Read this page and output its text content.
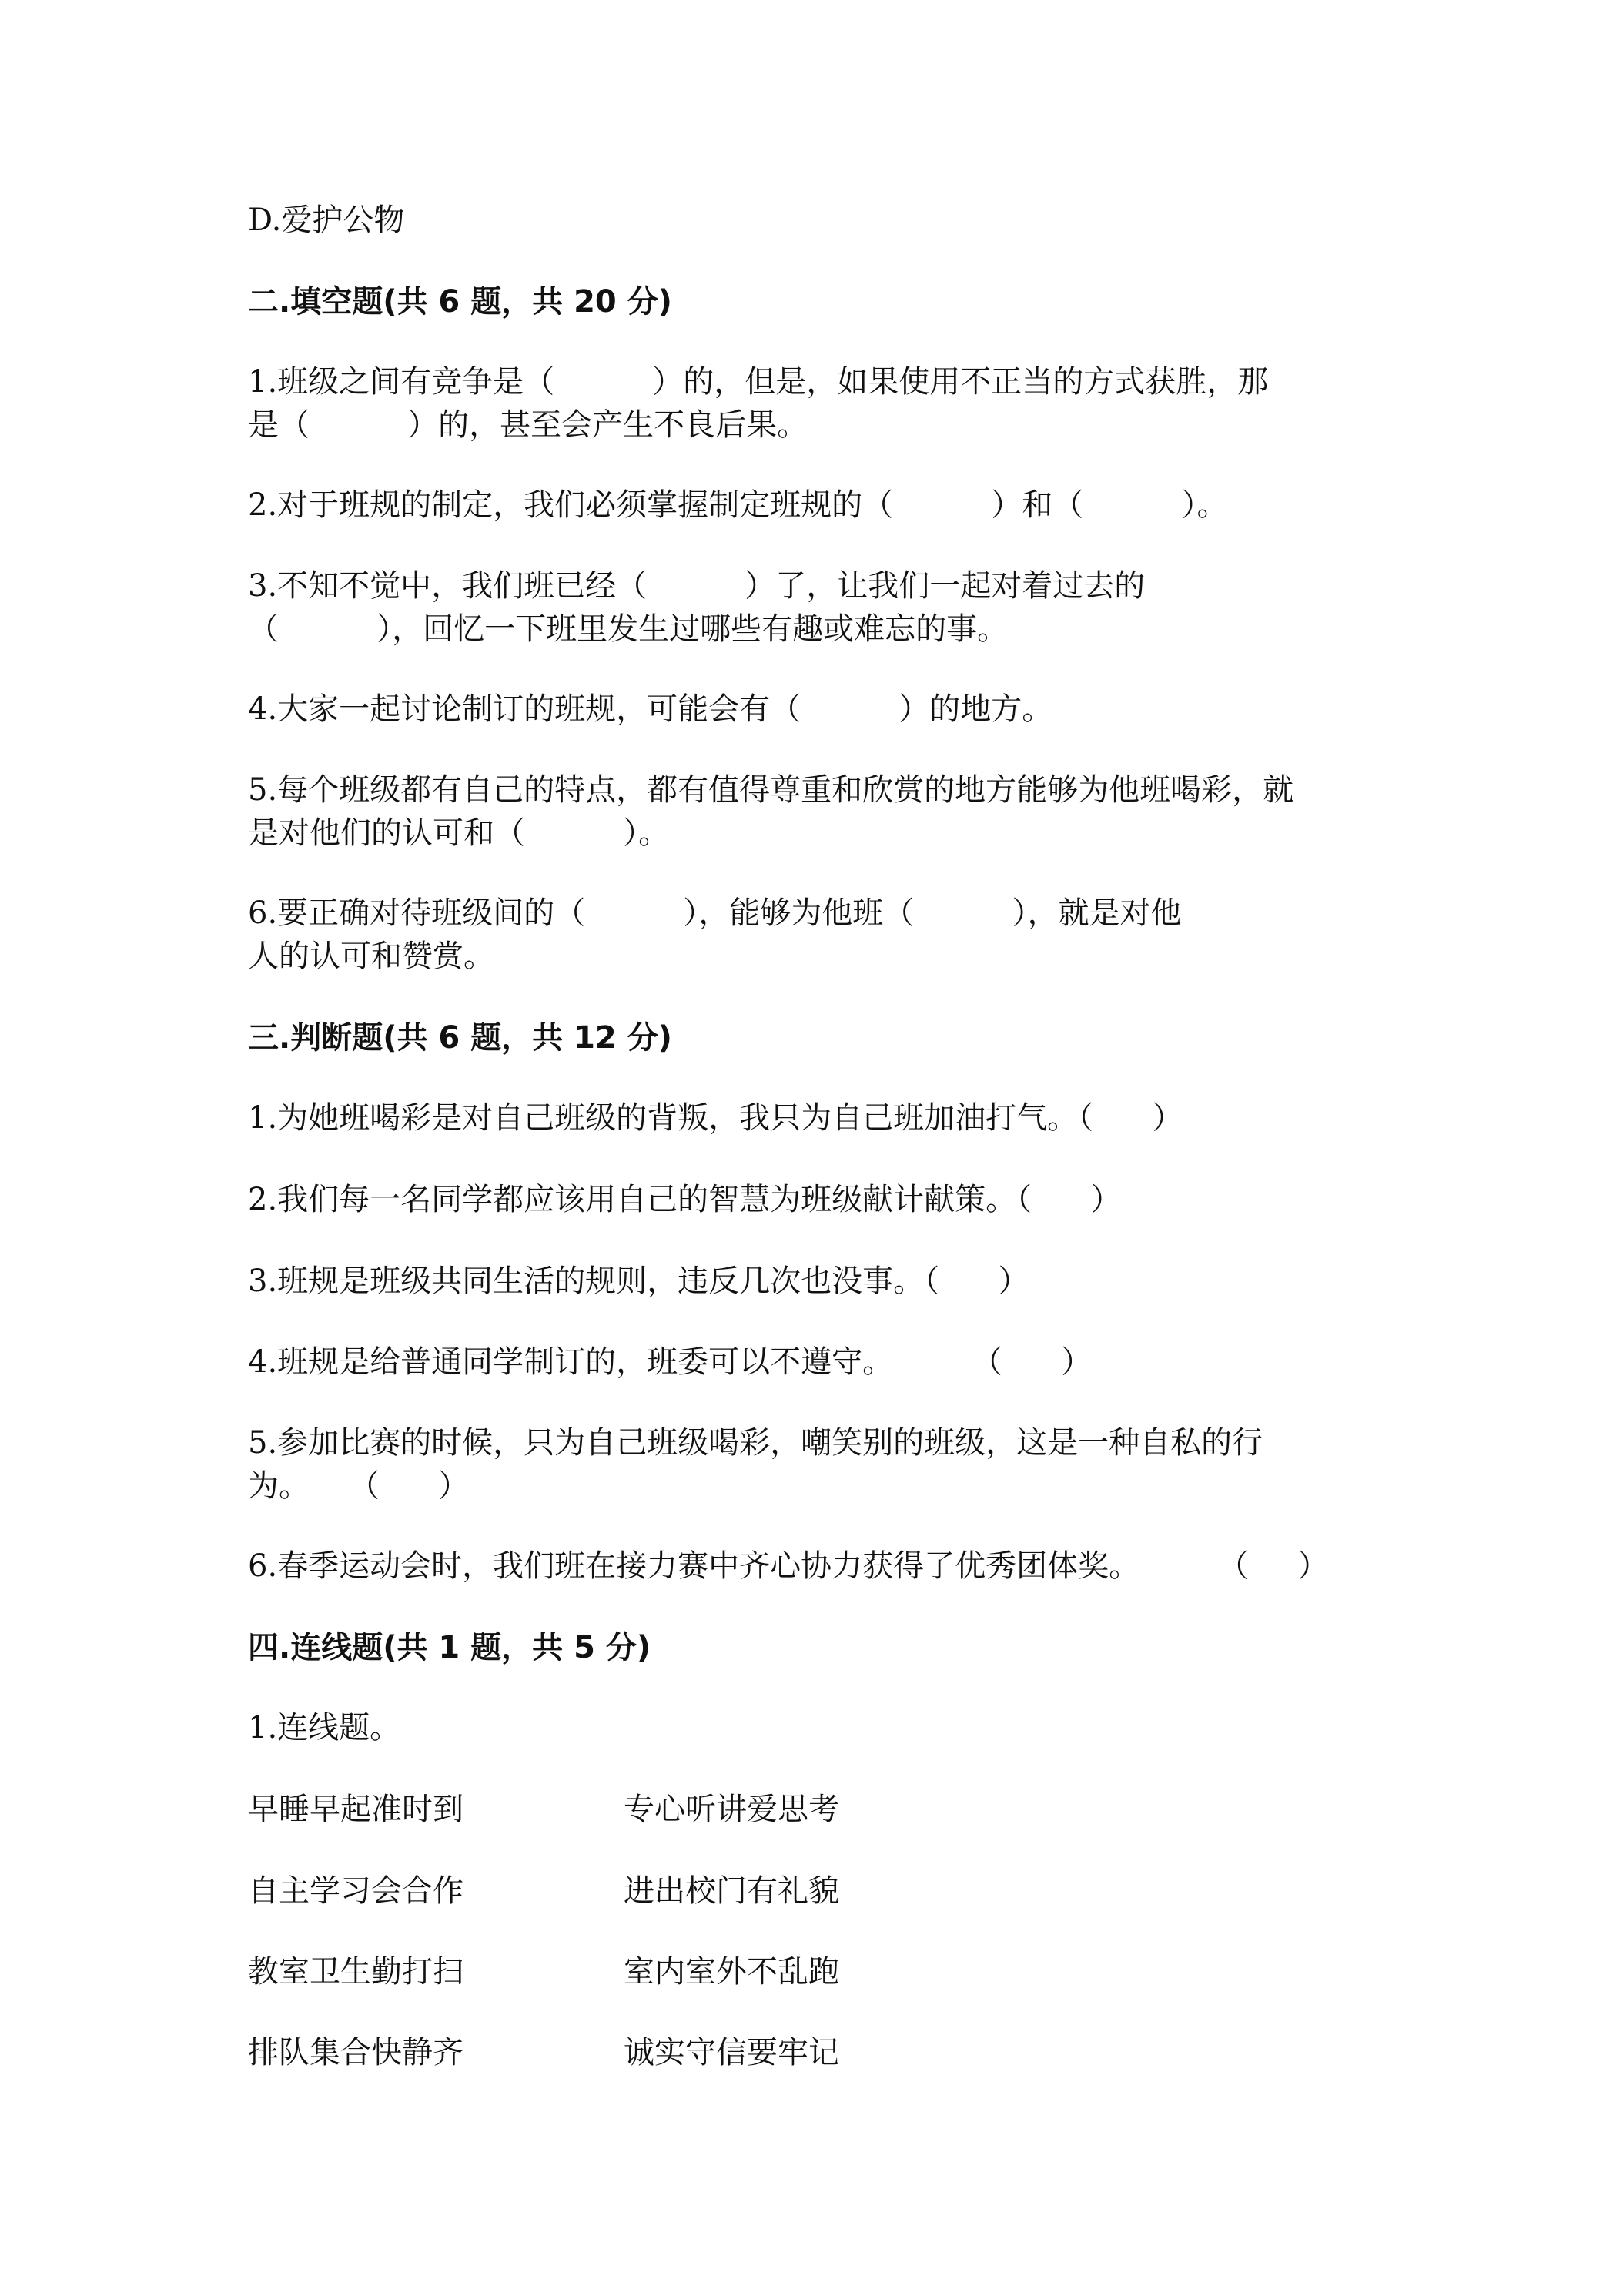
D.爱护公物
二.填空题(共 6 题，共 20 分)
1.班级之间有竞争是（          ）的，但是，如果使用不正当的方式获胜，那
是（          ）的，甚至会产生不良后果。
2.对于班规的制定，我们必须掌握制定班规的（          ）和（          ）。
3.不知不觉中，我们班已经（          ）了，让我们一起对着过去的
（          ），回忆一下班里发生过哪些有趣或难忘的事。
4.大家一起讨论制订的班规，可能会有（          ）的地方。
5.每个班级都有自己的特点，都有值得尊重和欣赏的地方能够为他班喝彩，就
是对他们的认可和（          ）。
6.要正确对待班级间的（          ），能够为他班（          ），就是对他
人的认可和赞赏。
三.判断题(共 6 题，共 12 分)
1.为她班喝彩是对自己班级的背叛，我只为自己班加油打气。（      ）
2.我们每一名同学都应该用自己的智慧为班级献计献策。（      ）
3.班规是班级共同生活的规则，违反几次也没事。（      ）
4.班规是给普通同学制订的，班委可以不遵守。        （      ）
5.参加比赛的时候，只为自己班级喝彩，嘲笑别的班级，这是一种自私的行
为。    （      ）
6.春季运动会时，我们班在接力赛中齐心协力获得了优秀团体奖。        （     ）
四.连线题(共 1 题，共 5 分)
1.连线题。
早睡早起准时到	专心听讲爱思考
自主学习会合作	进出校门有礼貌
教室卫生勤打扫	室内室外不乱跑
排队集合快静齐	诚实守信要牢记
